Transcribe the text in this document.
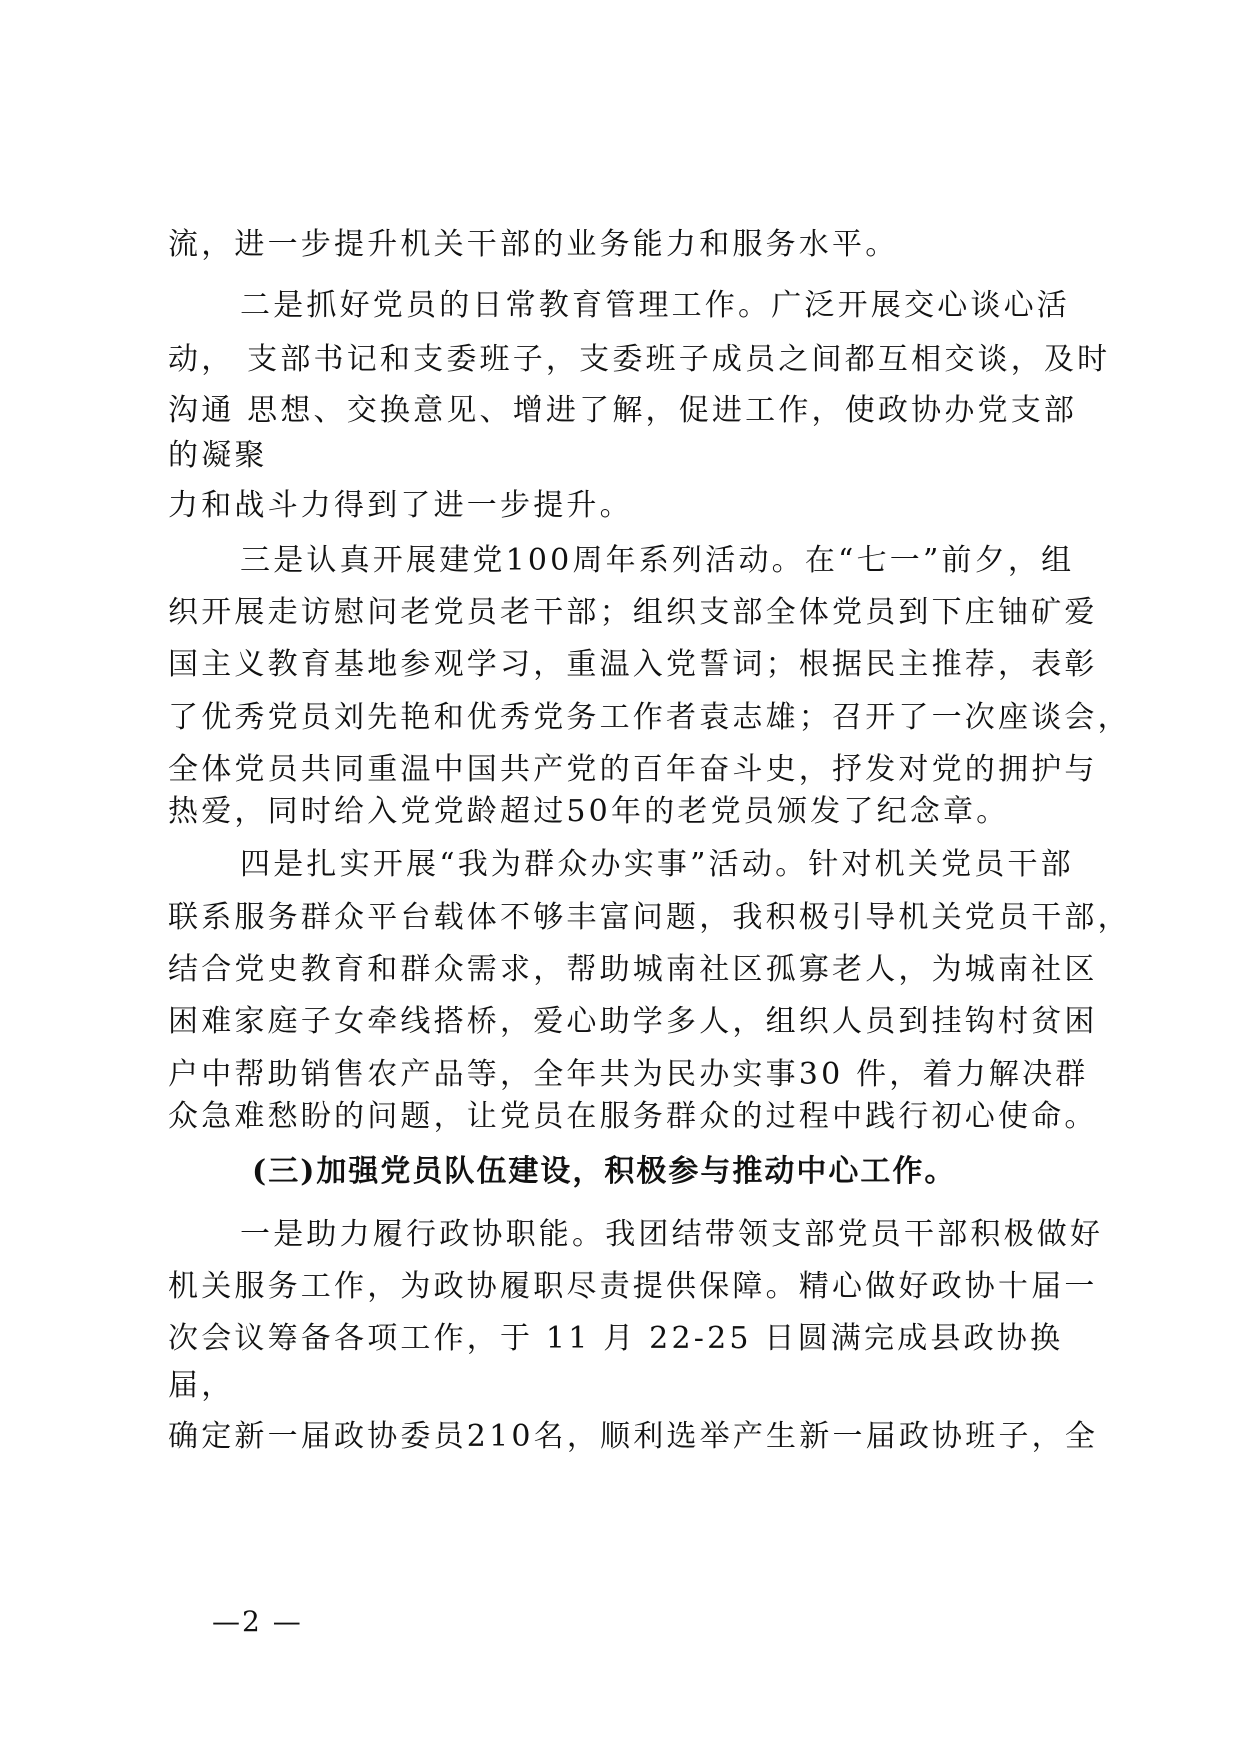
流，进一步提升机关干部的业务能力和服务水平。
二是抓好党员的日常教育管理工作。广泛开展交心谈心活
动， 支部书记和支委班子，支委班子成员之间都互相交谈，及时
沟通 思想、交换意见、增进了解，促进工作，使政协办党支部
的凝聚
力和战斗力得到了进一步提升。
三是认真开展建党100周年系列活动。在“七一”前夕，组
织开展走访慰问老党员老干部；组织支部全体党员到下庄铀矿爱
国主义教育基地参观学习，重温入党誓词；根据民主推荐，表彰
了优秀党员刘先艳和优秀党务工作者袁志雄；召开了一次座谈会，
全体党员共同重温中国共产党的百年奋斗史，抒发对党的拥护与
热爱，同时给入党党龄超过50年的老党员颁发了纪念章。
四是扎实开展“我为群众办实事”活动。针对机关党员干部
联系服务群众平台载体不够丰富问题，我积极引导机关党员干部，
结合党史教育和群众需求，帮助城南社区孤寡老人，为城南社区
困难家庭子女牵线搭桥，爱心助学多人，组织人员到挂钩村贫困
户中帮助销售农产品等，全年共为民办实事30 件，着力解决群
众急难愁盼的问题，让党员在服务群众的过程中践行初心使命。
(三)加强党员队伍建设，积极参与推动中心工作。
一是助力履行政协职能。我团结带领支部党员干部积极做好
机关服务工作，为政协履职尽责提供保障。精心做好政协十届一
次会议筹备各项工作，于 11 月 22-25 日圆满完成县政协换
届，
确定新一届政协委员210名，顺利选举产生新一届政协班子，全
—2 —
